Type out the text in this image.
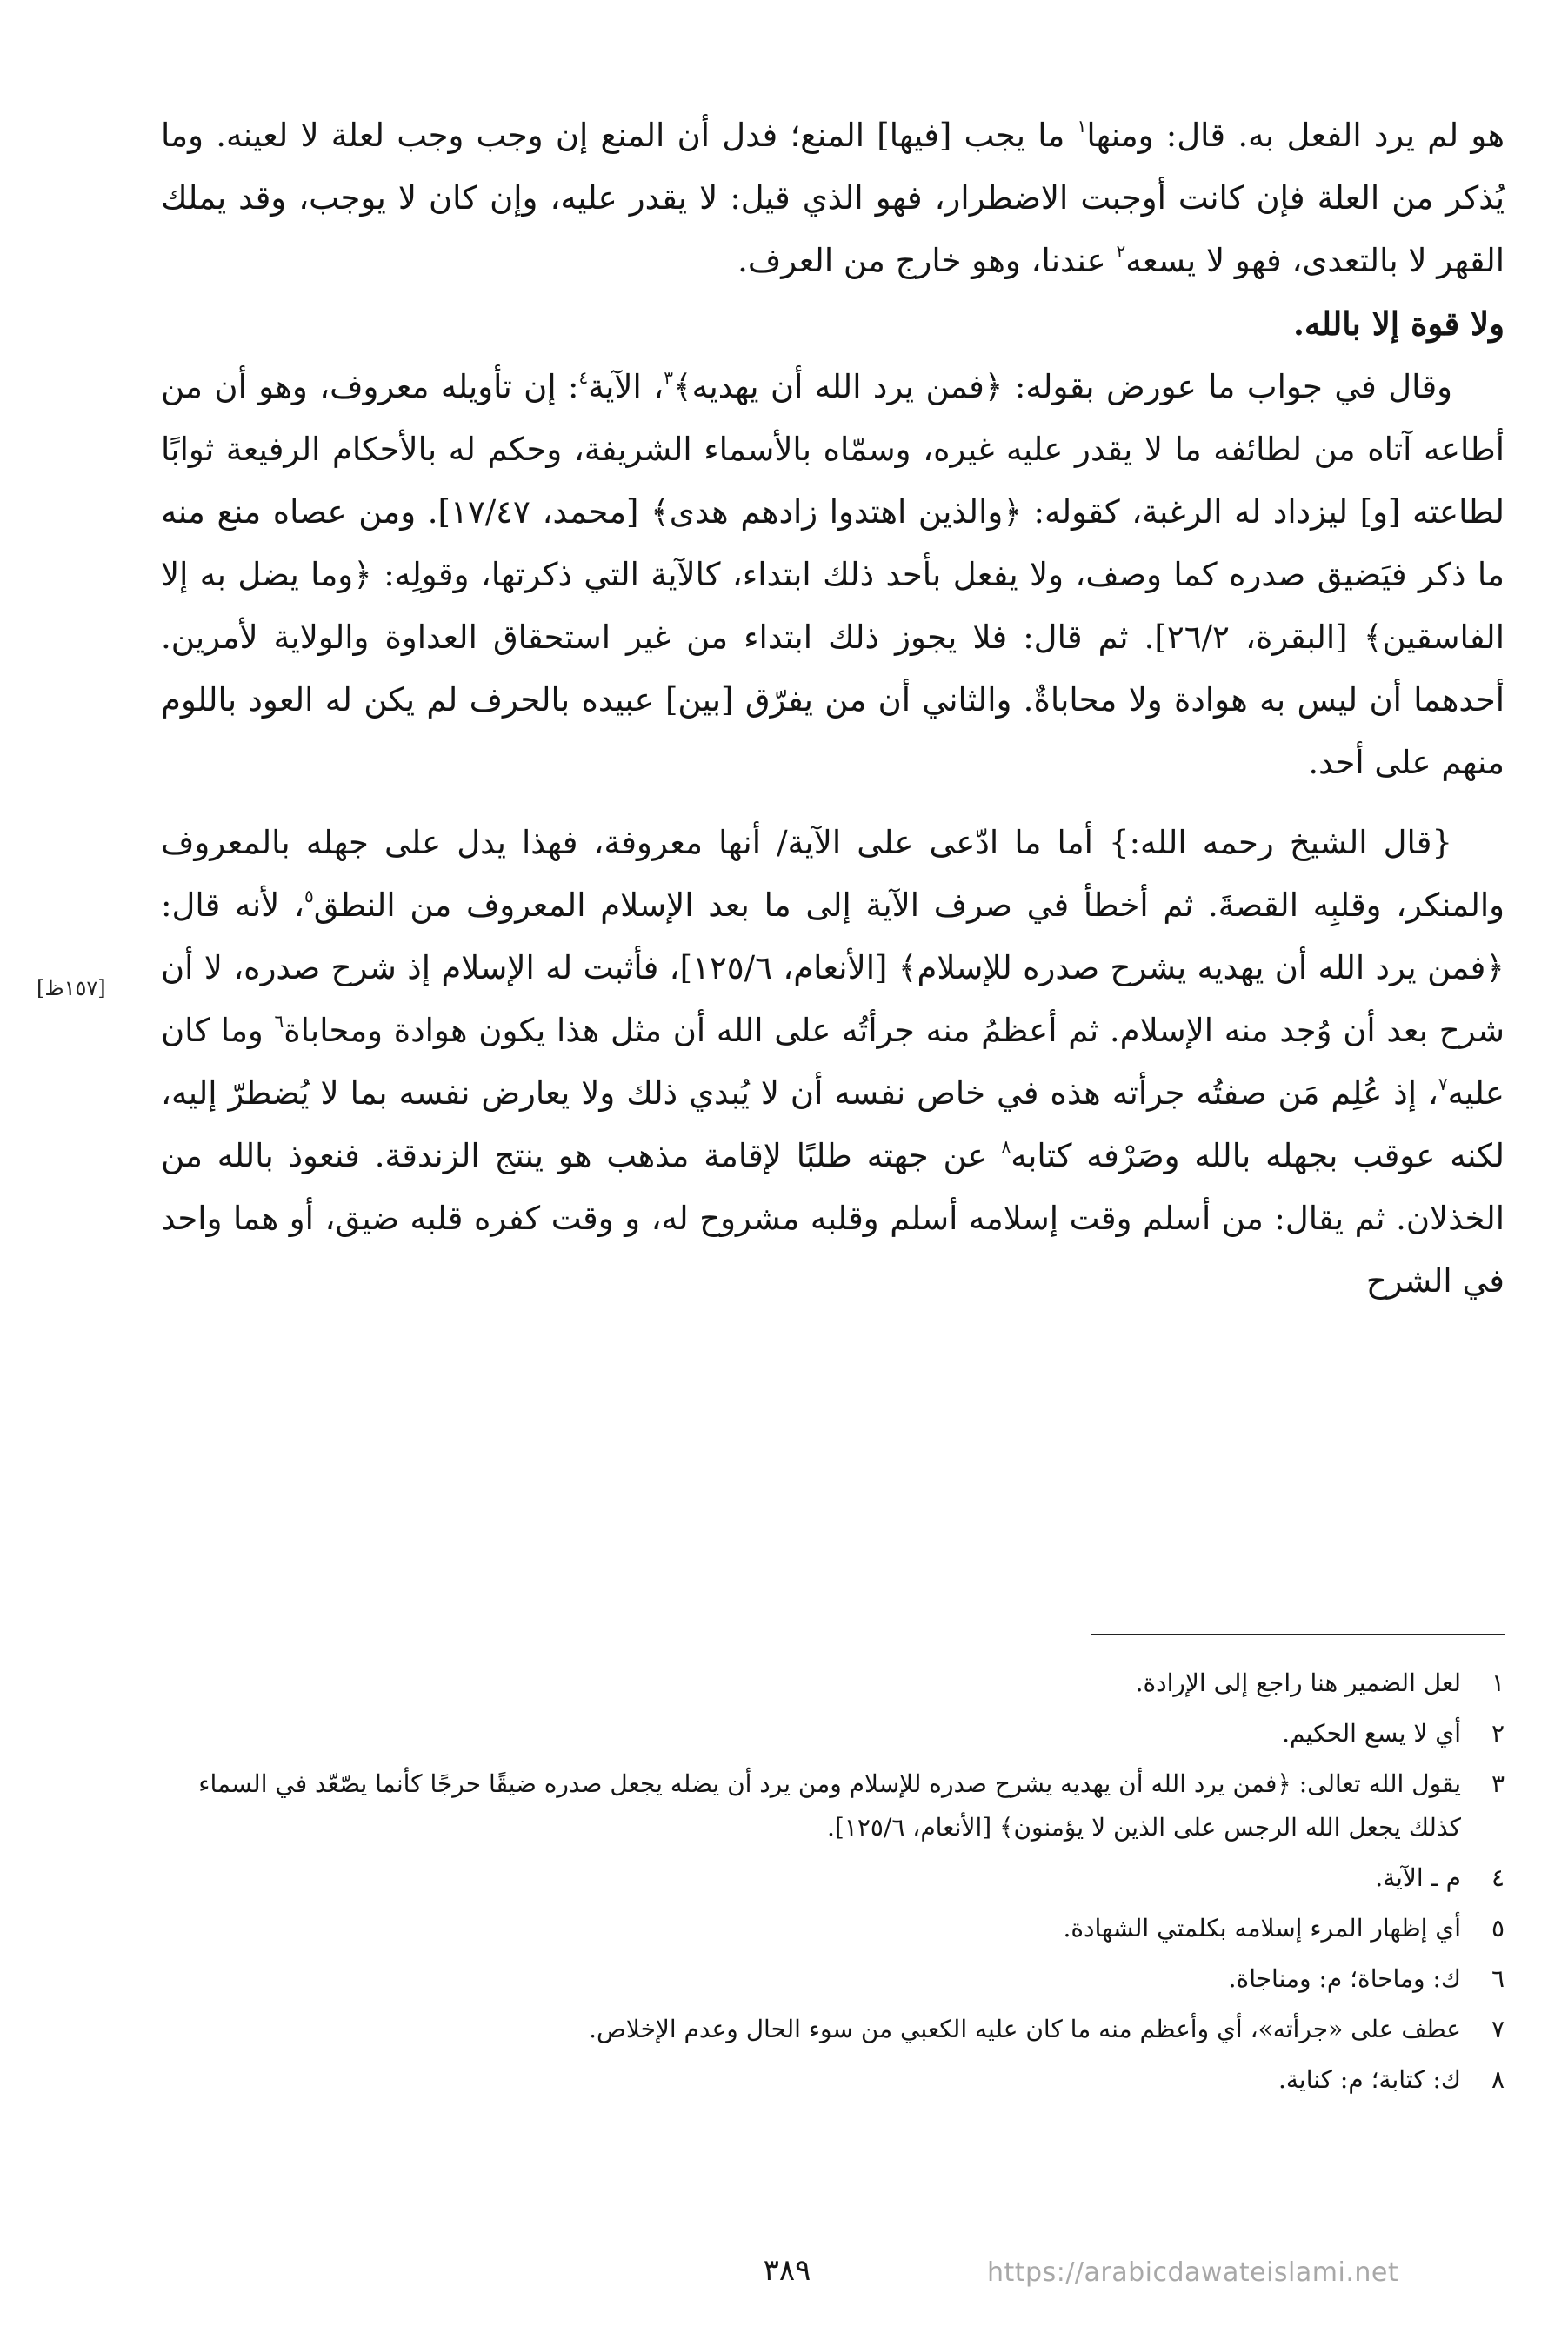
هو لم يرد الفعل به. قال: ومنها$^١$ ما يجب [فيها] المنع؛ فدل أن المنع إن وجب وجب لعلة لا لعينه. وما يُذكر من العلة فإن كانت أوجبت الاضطرار، فهو الذي قيل: لا يقدر عليه، وإن كان لا يوجب، وقد يملك القهر لا بالتعدى، فهو لا يسعه$^٢$ عندنا، وهو خارج من العرف.
ولا قوة إلا بالله.

وقال في جواب ما عورض بقوله: ﴿فمن يرد الله أن يهديه﴾$^٣$، الآية$^٤$: إن تأويله معروف، وهو أن من أطاعه آتاه من لطائفه ما لا يقدر عليه غيره، وسمّاه بالأسماء الشريفة، وحكم له بالأحكام الرفيعة ثوابًا لطاعته [و] ليزداد له الرغبة، كقوله: ﴿والذين اهتدوا زادهم هدى﴾ [محمد، ١٧/٤٧]. ومن عصاه منع منه ما ذكر فيَضيق صدره كما وصف، ولا يفعل بأحد ذلك ابتداء، كالآية التي ذكرتها، وقولِه: ﴿وما يضل به إلا الفاسقين﴾ [البقرة، ٢٦/٢]. ثم قال: فلا يجوز ذلك ابتداء من غير استحقاق العداوة والولاية لأمرين. أحدهما أن ليس به هوادة ولا محاباةٌ. والثاني أن من يفرّق [بين] عبيده بالحرف لم يكن له العود باللوم منهم على أحد.

{قال الشيخ رحمه الله:} أما ما ادّعى على الآية/ أنها معروفة، فهذا يدل على جهله بالمعروف والمنكر، وقلبِه القصةَ. ثم أخطأ في صرف الآية إلى ما بعد الإسلام المعروف من النطق$^٥$، لأنه قال: ﴿فمن يرد الله أن يهديه يشرح صدره للإسلام﴾ [الأنعام، ١٢٥/٦]، فأثبت له الإسلام إذ شرح صدره، لا أن شرح بعد أن وُجد منه الإسلام. ثم أعظمُ منه جرأتُه على الله أن مثل هذا يكون هوادة ومحاباة$^٦$ وما كان عليه$^٧$، إذ عُلِم مَن صفتُه جرأته هذه في خاص نفسه أن لا يُبدي ذلك ولا يعارض نفسه بما لا يُضطرّ إليه، لكنه عوقب بجهله بالله وصَرْفه كتابه$^٨$ عن جهته طلبًا لإقامة مذهب هو ينتج الزندقة. فنعوذ بالله من الخذلان. ثم يقال: من أسلم وقت إسلامه أسلم وقلبه مشروح له، و وقت كفره قلبه ضيق، أو هما واحد في الشرح

[١٥٧ظ]
١
لعل الضمير هنا راجع إلى الإرادة.
٢
أي لا يسع الحكيم.
٣
يقول الله تعالى: ﴿فمن يرد الله أن يهديه يشرح صدره للإسلام ومن يرد أن يضله يجعل صدره ضيقًا حرجًا كأنما يصّعّد في السماء كذلك يجعل الله الرجس على الذين لا يؤمنون﴾ [الأنعام، ١٢٥/٦].
٤
م ـ الآية.
٥
أي إظهار المرء إسلامه بكلمتي الشهادة.
٦
ك: وماحاة؛ م: ومناجاة.
٧
عطف على «جرأته»، أي وأعظم منه ما كان عليه الكعبي من سوء الحال وعدم الإخلاص.
٨
ك: كتابة؛ م: كناية.
٣٨٩	https://arabicdawateislami.net
